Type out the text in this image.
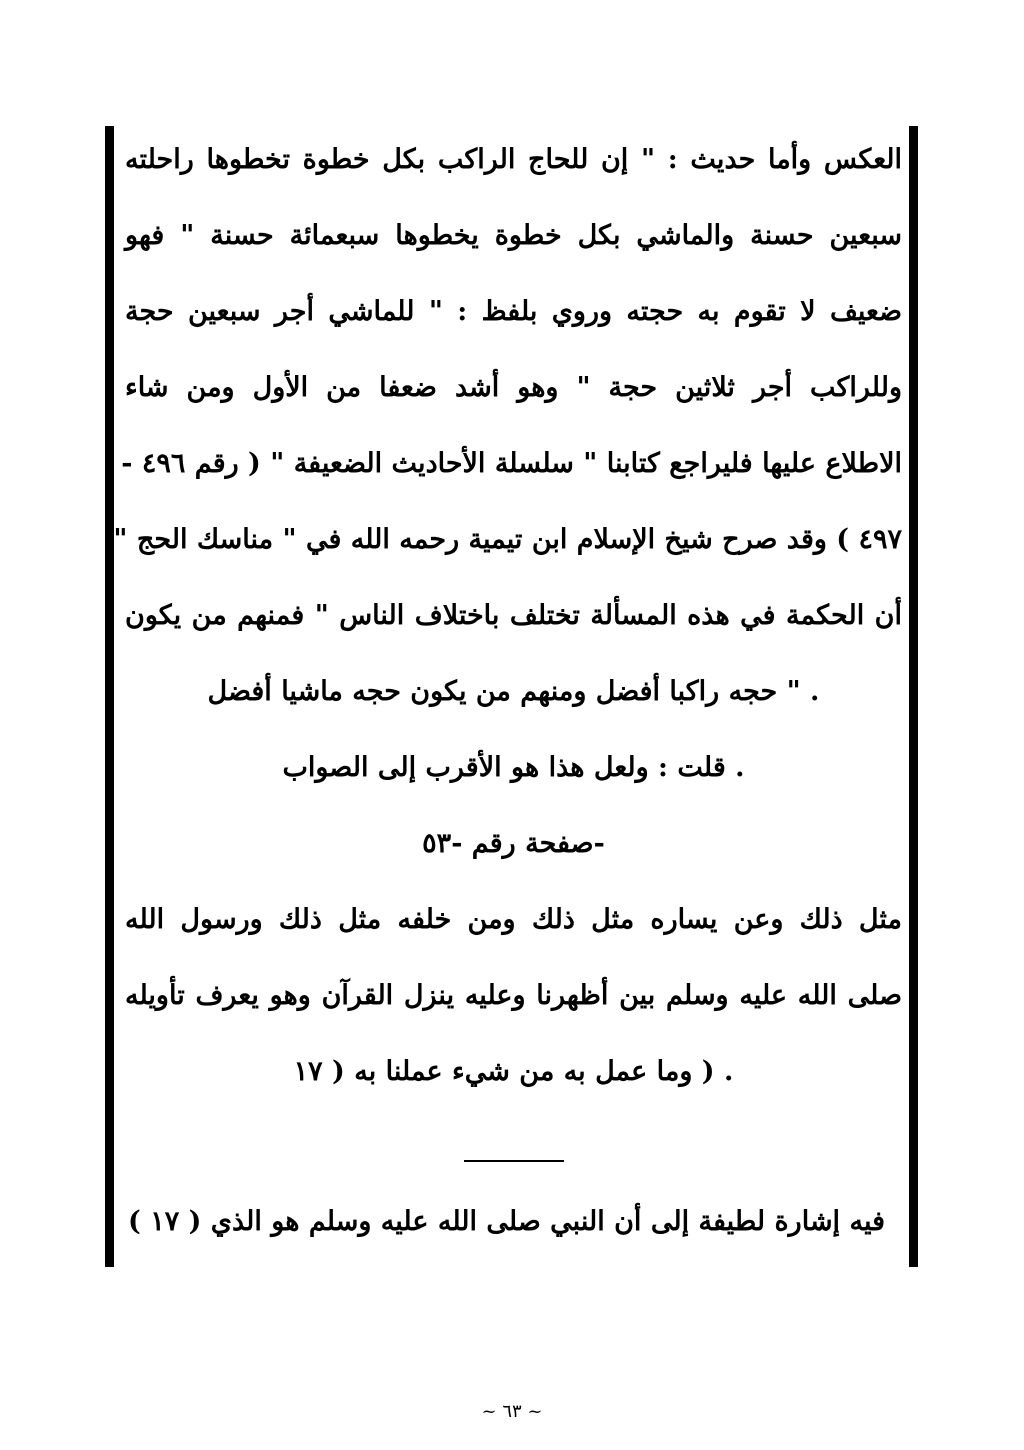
العكس وأما حديث : " إن للحاج الراكب بكل خطوة تخطوها راحلته
سبعين حسنة والماشي بكل خطوة يخطوها سبعمائة حسنة " فهو
ضعيف لا تقوم به حجته وروي بلفظ : " للماشي أجر سبعين حجة
وللراكب أجر ثلاثين حجة " وهو أشد ضعفا من الأول ومن شاء
الاطلاع عليها فليراجع كتابنا " سلسلة الأحاديث الضعيفة " ( رقم ٤٩٦ -
٤٩٧ ) وقد صرح شيخ الإسلام ابن تيمية رحمه الله في " مناسك الحج "
أن الحكمة في هذه المسألة تختلف باختلاف الناس " فمنهم من يكون
. " حجه راكبا أفضل ومنهم من يكون حجه ماشيا أفضل
. قلت : ولعل هذا هو الأقرب إلى الصواب
-صفحة رقم -٥٣
مثل ذلك وعن يساره مثل ذلك ومن خلفه مثل ذلك ورسول الله
صلى الله عليه وسلم بين أظهرنا وعليه ينزل القرآن وهو يعرف تأويله
. ( وما عمل به من شيء عملنا به ( ١٧
فيه إشارة لطيفة إلى أن النبي صلى الله عليه وسلم هو الذي ( ١٧ )
~ ٦٣ ~
